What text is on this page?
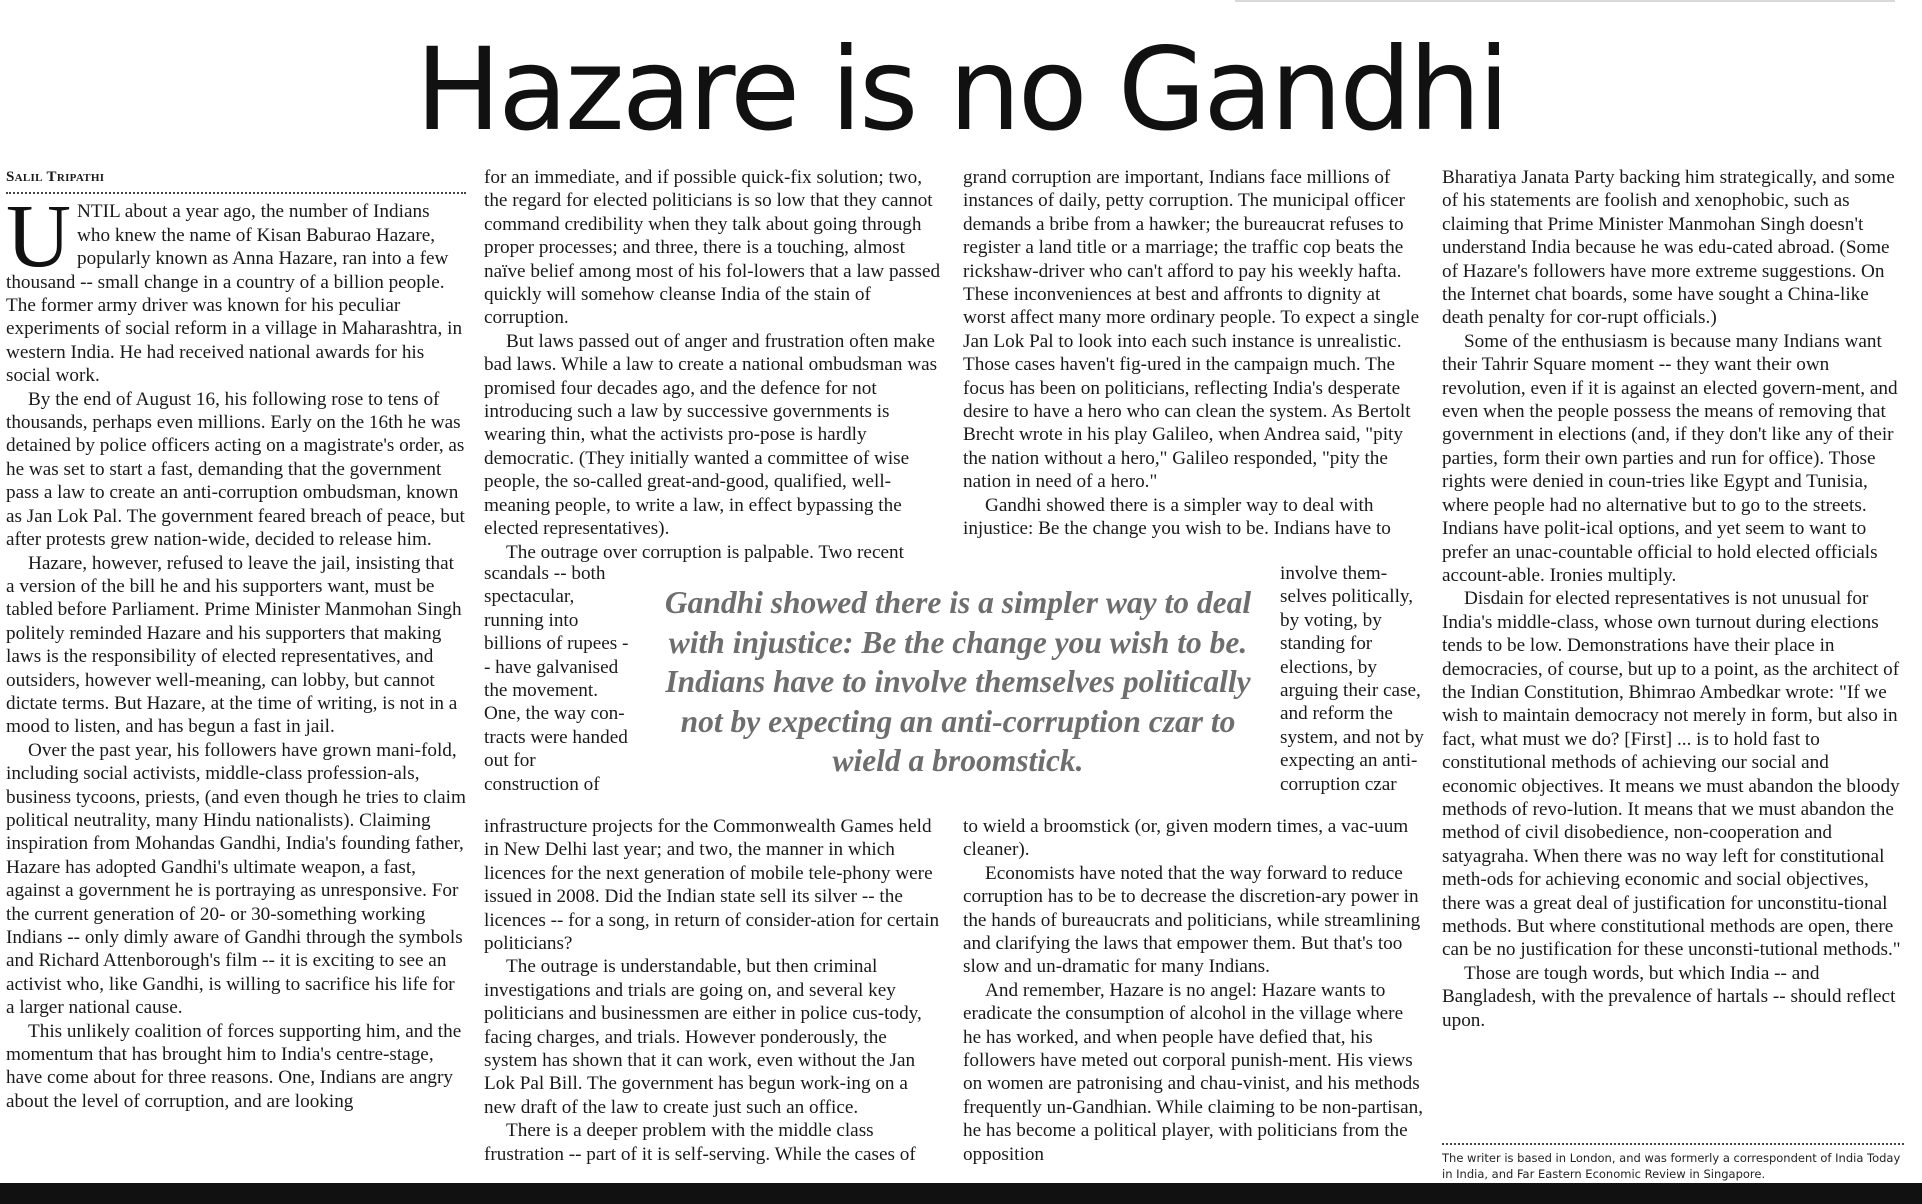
Hazare is no Gandhi
Salil Tripathi

UNTIL about a year ago, the number of Indians who knew the name of Kisan Baburao Hazare, popularly known as Anna Hazare, ran into a few thousand -- small change in a country of a billion people. The former army driver was known for his peculiar experiments of social reform in a village in Maharashtra, in western India. He had received national awards for his social work.

By the end of August 16, his following rose to tens of thousands, perhaps even millions. Early on the 16th he was detained by police officers acting on a magistrate's order, as he was set to start a fast, demanding that the government pass a law to create an anti-corruption ombudsman, known as Jan Lok Pal. The government feared breach of peace, but after protests grew nation-wide, decided to release him.

Hazare, however, refused to leave the jail, insisting that a version of the bill he and his supporters want, must be tabled before Parliament. Prime Minister Manmohan Singh politely reminded Hazare and his supporters that making laws is the responsibility of elected representatives, and outsiders, however well-meaning, can lobby, but cannot dictate terms. But Hazare, at the time of writing, is not in a mood to listen, and has begun a fast in jail.

Over the past year, his followers have grown mani-fold, including social activists, middle-class profession-als, business tycoons, priests, (and even though he tries to claim political neutrality, many Hindu nationalists). Claiming inspiration from Mohandas Gandhi, India's founding father, Hazare has adopted Gandhi's ultimate weapon, a fast, against a government he is portraying as unresponsive. For the current generation of 20- or 30-something working Indians -- only dimly aware of Gandhi through the symbols and Richard Attenborough's film -- it is exciting to see an activist who, like Gandhi, is willing to sacrifice his life for a larger national cause.

This unlikely coalition of forces supporting him, and the momentum that has brought him to India's centre-stage, have come about for three reasons. One, Indians are angry about the level of corruption, and are looking

for an immediate, and if possible quick-fix solution; two, the regard for elected politicians is so low that they cannot command credibility when they talk about going through proper processes; and three, there is a touching, almost naïve belief among most of his fol-lowers that a law passed quickly will somehow cleanse India of the stain of corruption.

But laws passed out of anger and frustration often make bad laws. While a law to create a national ombudsman was promised four decades ago, and the defence for not introducing such a law by successive governments is wearing thin, what the activists pro-pose is hardly democratic. (They initially wanted a committee of wise people, the so-called great-and-good, qualified, well-meaning people, to write a law, in effect bypassing the elected representatives).

The outrage over corruption is palpable. Two recent

scandals -- both spectacular, running into billions of rupees -- have galvanised the movement. One, the way con-tracts were handed out for construction of

infrastructure projects for the Commonwealth Games held in New Delhi last year; and two, the manner in which licences for the next generation of mobile tele-phony were issued in 2008. Did the Indian state sell its silver -- the licences -- for a song, in return of consider-ation for certain politicians?

The outrage is understandable, but then criminal investigations and trials are going on, and several key politicians and businessmen are either in police cus-tody, facing charges, and trials. However ponderously, the system has shown that it can work, even without the Jan Lok Pal Bill. The government has begun work-ing on a new draft of the law to create just such an office.

There is a deeper problem with the middle class frustration -- part of it is self-serving. While the cases of

grand corruption are important, Indians face millions of instances of daily, petty corruption. The municipal officer demands a bribe from a hawker; the bureaucrat refuses to register a land title or a marriage; the traffic cop beats the rickshaw-driver who can't afford to pay his weekly hafta. These inconveniences at best and affronts to dignity at worst affect many more ordinary people. To expect a single Jan Lok Pal to look into each such instance is unrealistic. Those cases haven't fig-ured in the campaign much. The focus has been on politicians, reflecting India's desperate desire to have a hero who can clean the system. As Bertolt Brecht wrote in his play Galileo, when Andrea said, "pity the nation without a hero," Galileo responded, "pity the nation in need of a hero."

Gandhi showed there is a simpler way to deal with injustice: Be the change you wish to be. Indians have to

involve them-selves politically, by voting, by standing for elections, by arguing their case, and reform the system, and not by expecting an anti-corruption czar

to wield a broomstick (or, given modern times, a vac-uum cleaner).

Economists have noted that the way forward to reduce corruption has to be to decrease the discretion-ary power in the hands of bureaucrats and politicians, while streamlining and clarifying the laws that empower them. But that's too slow and un-dramatic for many Indians.

And remember, Hazare is no angel: Hazare wants to eradicate the consumption of alcohol in the village where he has worked, and when people have defied that, his followers have meted out corporal punish-ment. His views on women are patronising and chau-vinist, and his methods frequently un-Gandhian. While claiming to be non-partisan, he has become a political player, with politicians from the opposition

Gandhi showed there is a simpler way to deal with injustice: Be the change you wish to be. Indians have to involve themselves politically not by expecting an anti-corruption czar to wield a broomstick.

Bharatiya Janata Party backing him strategically, and some of his statements are foolish and xenophobic, such as claiming that Prime Minister Manmohan Singh doesn't understand India because he was edu-cated abroad. (Some of Hazare's followers have more extreme suggestions. On the Internet chat boards, some have sought a China-like death penalty for cor-rupt officials.)

Some of the enthusiasm is because many Indians want their Tahrir Square moment -- they want their own revolution, even if it is against an elected govern-ment, and even when the people possess the means of removing that government in elections (and, if they don't like any of their parties, form their own parties and run for office). Those rights were denied in coun-tries like Egypt and Tunisia, where people had no alternative but to go to the streets. Indians have polit-ical options, and yet seem to want to prefer an unac-countable official to hold elected officials account-able. Ironies multiply.

Disdain for elected representatives is not unusual for India's middle-class, whose own turnout during elections tends to be low. Demonstrations have their place in democracies, of course, but up to a point, as the architect of the Indian Constitution, Bhimrao Ambedkar wrote: "If we wish to maintain democracy not merely in form, but also in fact, what must we do? [First] ... is to hold fast to constitutional methods of achieving our social and economic objectives. It means we must abandon the bloody methods of revo-lution. It means that we must abandon the method of civil disobedience, non-cooperation and satyagraha. When there was no way left for constitutional meth-ods for achieving economic and social objectives, there was a great deal of justification for unconstitu-tional methods. But where constitutional methods are open, there can be no justification for these unconsti-tutional methods."

Those are tough words, but which India -- and Bangladesh, with the prevalence of hartals -- should reflect upon.

The writer is based in London, and was formerly a correspondent of India Today in India, and Far Eastern Economic Review in Singapore.
